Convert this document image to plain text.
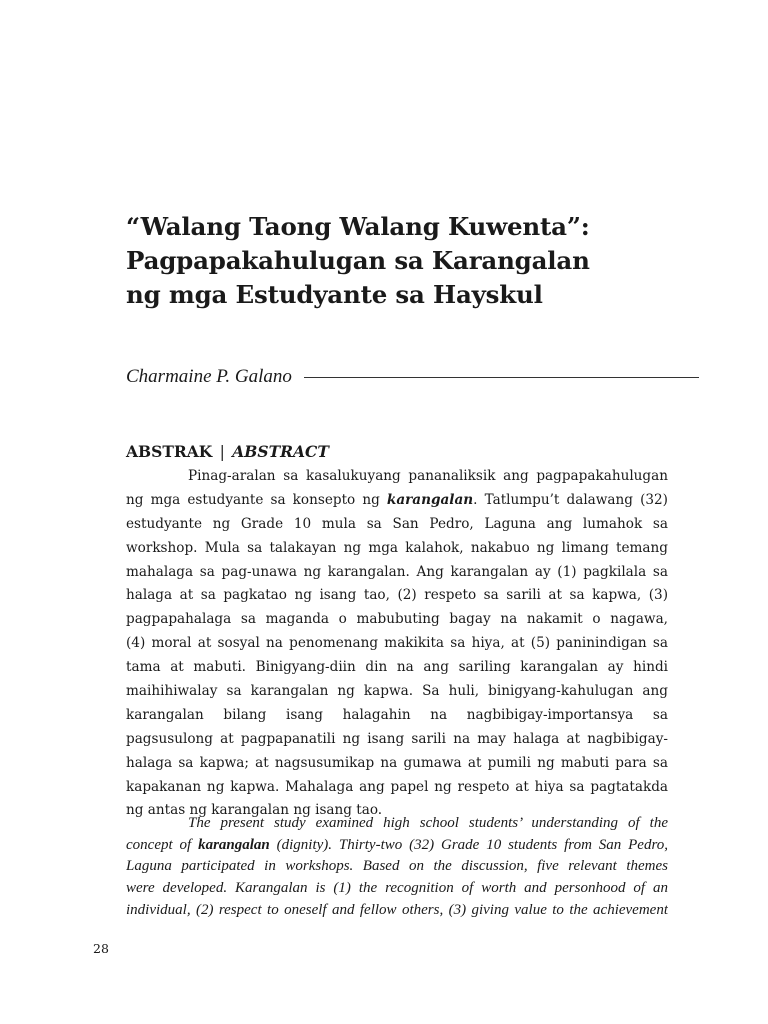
“Walang Taong Walang Kuwenta”:
Pagpapakahulugan sa Karangalan
ng mga Estudyante sa Hayskul
Charmaine P. Galano
ABSTRAK | ABSTRACT
Pinag-aralan sa kasalukuyang pananaliksik ang pagpapakahulugan
ng mga estudyante sa konsepto ng karangalan. Tatlumpu’t dalawang (32)
estudyante ng Grade 10 mula sa San Pedro, Laguna ang lumahok sa
workshop. Mula sa talakayan ng mga kalahok, nakabuo ng limang temang
mahalaga sa pag-unawa ng karangalan. Ang karangalan ay (1) pagkilala sa
halaga at sa pagkatao ng isang tao, (2) respeto sa sarili at sa kapwa, (3)
pagpapahalaga sa maganda o mabubuting bagay na nakamit o nagawa,
(4) moral at sosyal na penomenang makikita sa hiya, at (5) paninindigan sa
tama at mabuti. Binigyang-diin din na ang sariling karangalan ay hindi
maihihiwalay sa karangalan ng kapwa. Sa huli, binigyang-kahulugan ang
karangalan bilang isang halagahin na nagbibigay-importansya sa
pagsusulong at pagpapanatili ng isang sarili na may halaga at nagbibigay-
halaga sa kapwa; at nagsusumikap na gumawa at pumili ng mabuti para sa
kapakanan ng kapwa. Mahalaga ang papel ng respeto at hiya sa pagtatakda
ng antas ng karangalan ng isang tao.
The present study examined high school students’ understanding of the
concept of karangalan (dignity). Thirty-two (32) Grade 10 students from San Pedro,
Laguna participated in workshops. Based on the discussion, five relevant themes
were developed. Karangalan is (1) the recognition of worth and personhood of an
individual, (2) respect to oneself and fellow others, (3) giving value to the achievement
28
